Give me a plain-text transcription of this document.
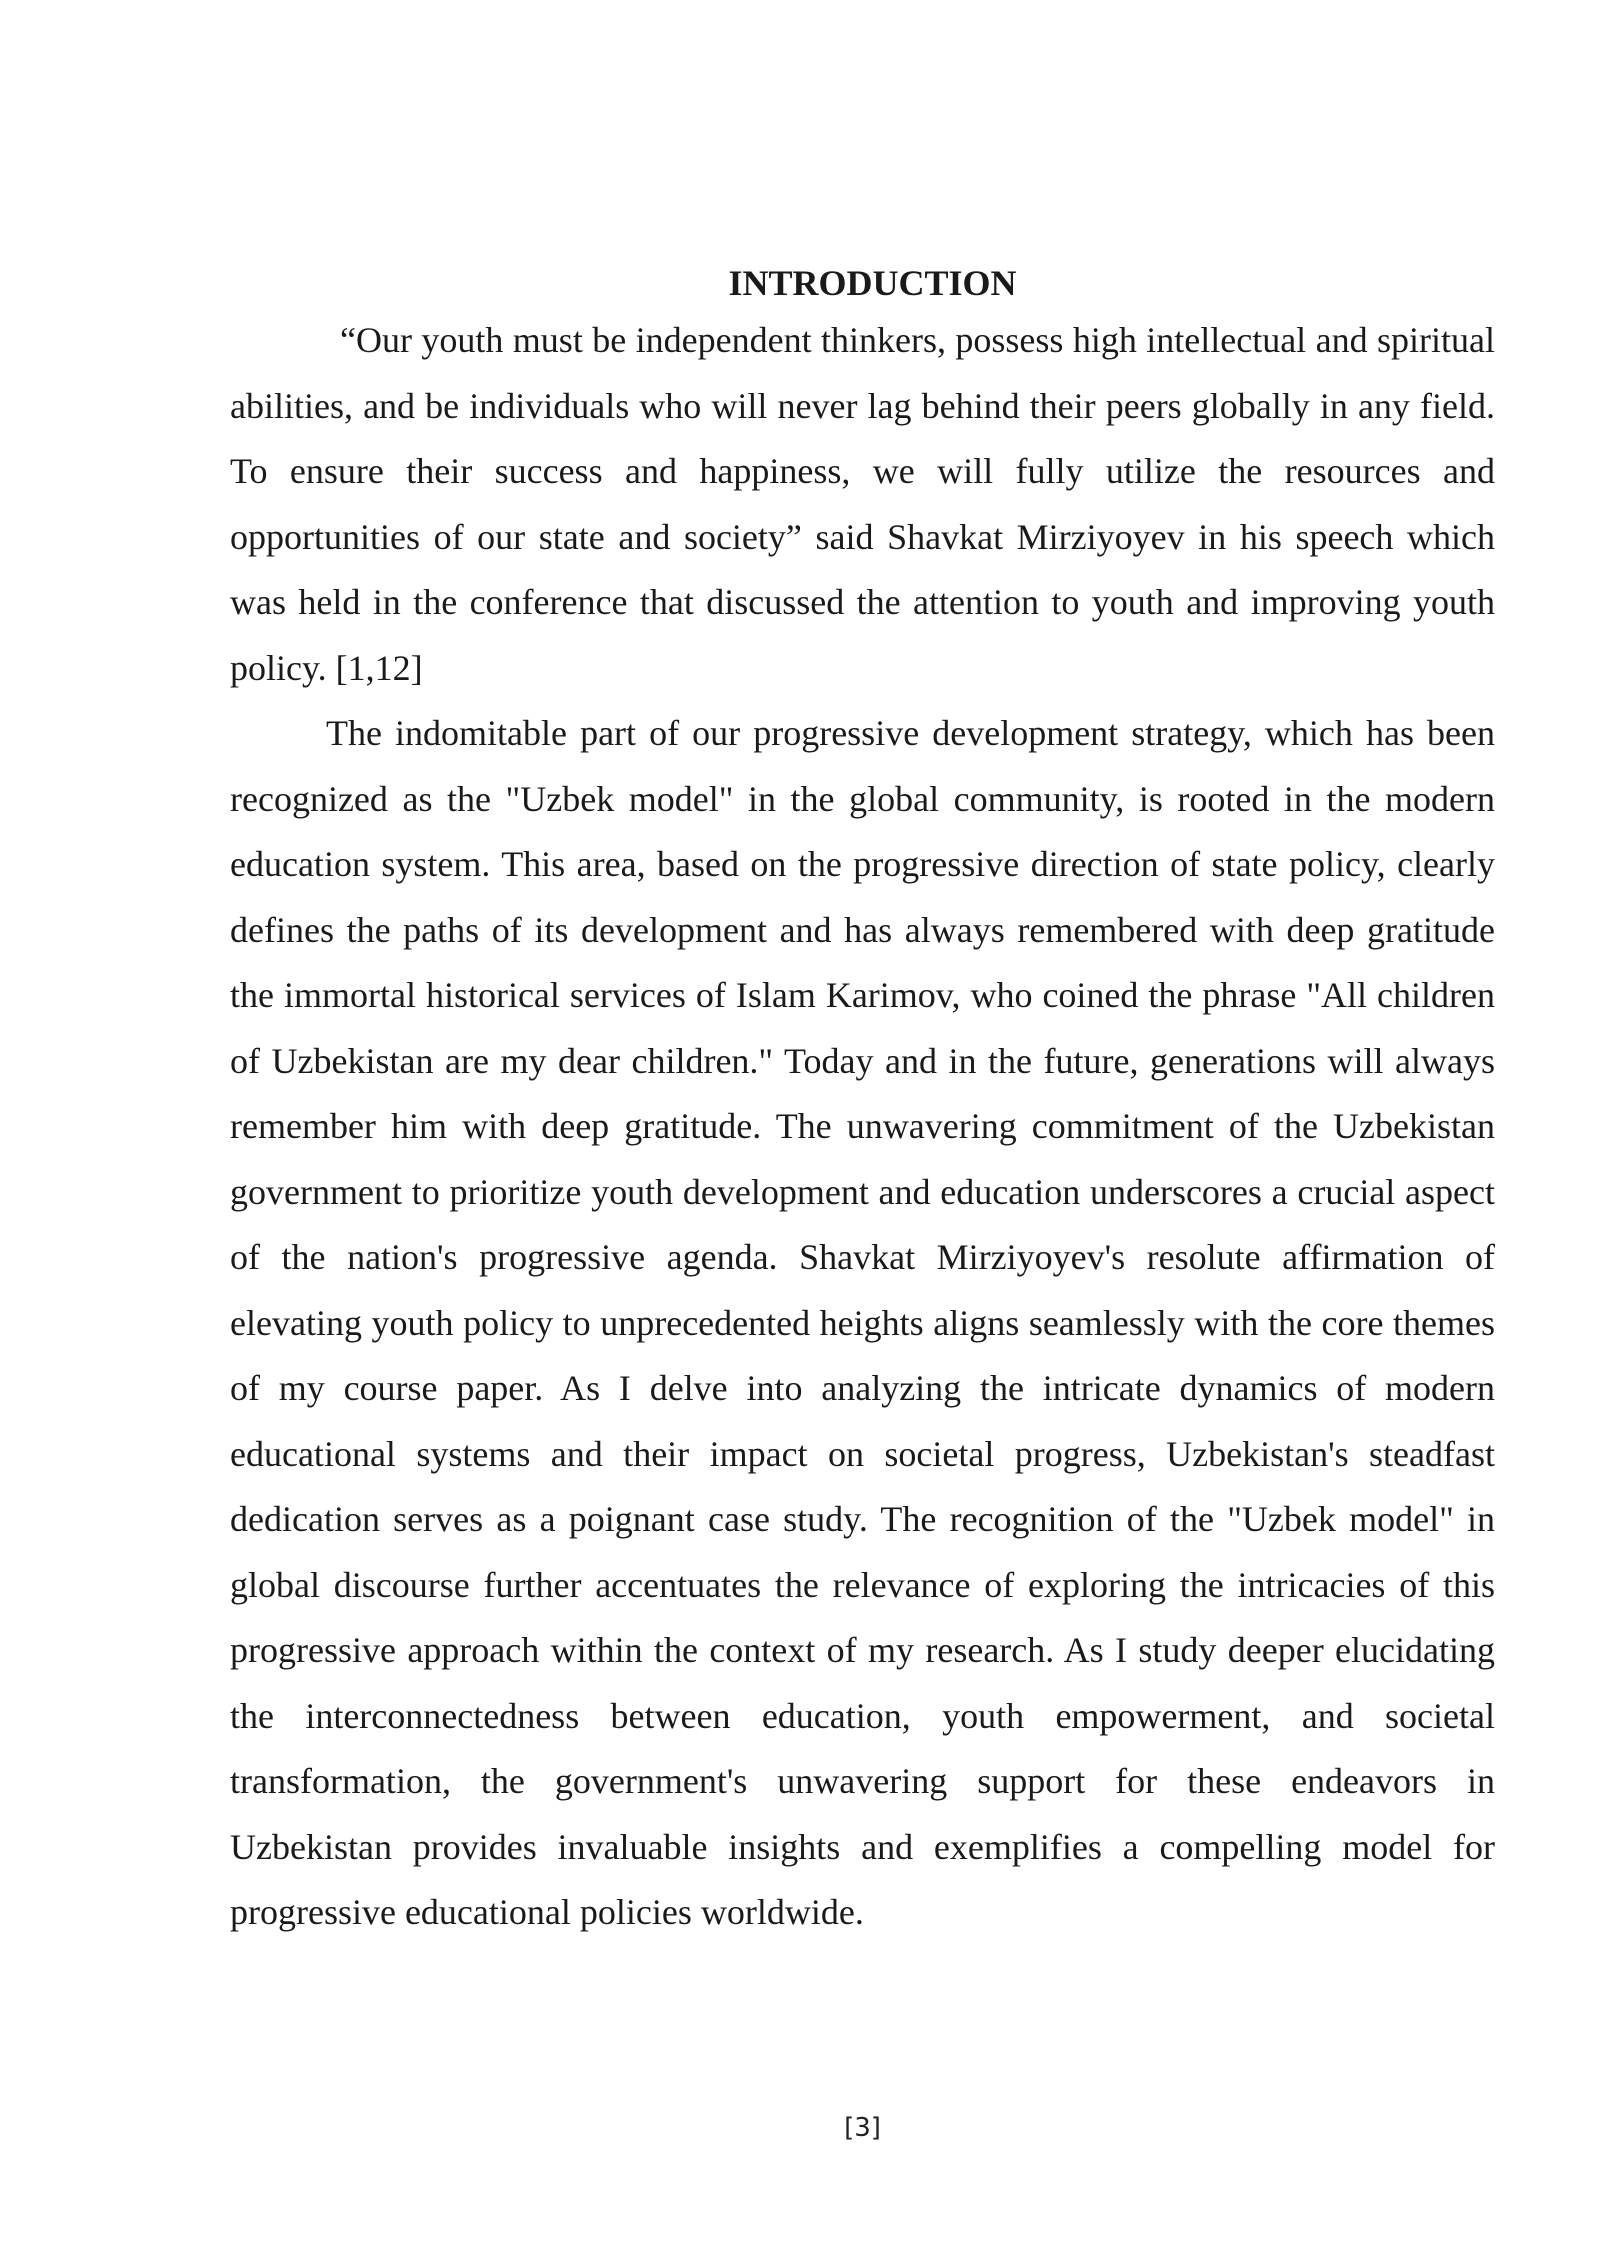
INTRODUCTION

“Our youth must be independent thinkers, possess high intellectual and spiritual abilities, and be individuals who will never lag behind their peers globally in any field. To ensure their success and happiness, we will fully utilize the resources and opportunities of our state and society” said Shavkat Mirziyoyev in his speech which was held in the conference that discussed the attention to youth and improving youth policy. [1,12]

The indomitable part of our progressive development strategy, which has been recognized as the "Uzbek model" in the global community, is rooted in the modern education system. This area, based on the progressive direction of state policy, clearly defines the paths of its development and has always remembered with deep gratitude the immortal historical services of Islam Karimov, who coined the phrase "All children of Uzbekistan are my dear children." Today and in the future, generations will always remember him with deep gratitude. The unwavering commitment of the Uzbekistan government to prioritize youth development and education underscores a crucial aspect of the nation's progressive agenda. Shavkat Mirziyoyev's resolute affirmation of elevating youth policy to unprecedented heights aligns seamlessly with the core themes of my course paper. As I delve into analyzing the intricate dynamics of modern educational systems and their impact on societal progress, Uzbekistan's steadfast dedication serves as a poignant case study. The recognition of the "Uzbek model" in global discourse further accentuates the relevance of exploring the intricacies of this progressive approach within the context of my research. As I study deeper elucidating the interconnectedness between education, youth empowerment, and societal transformation, the government's unwavering support for these endeavors in Uzbekistan provides invaluable insights and exemplifies a compelling model for progressive educational policies worldwide.

[3]
